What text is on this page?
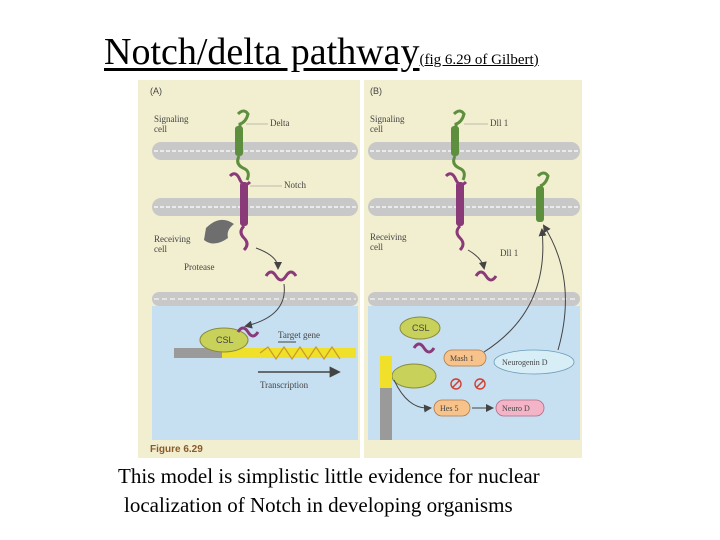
Notch/delta pathway(fig 6.29 of Gilbert)
(A)
Signaling
cell
Delta
Notch
Receiving
cell
Protease
Target gene
Transcription
CSL
(B)
Signaling
cell
Dll 1
Receiving
cell
Dll 1
Mash 1	Neurogenin D
Hes 5	Neuro D
CSL
Figure 6.29
This model is simplistic little evidence for nuclear
localization of Notch in developing organisms
